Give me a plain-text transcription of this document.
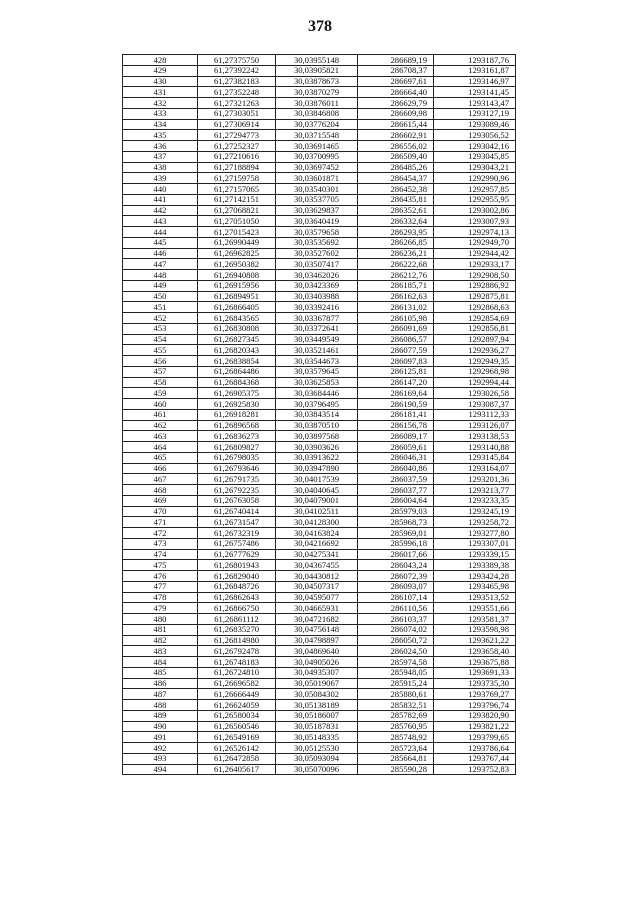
378
428	61,27375750	30,03955148	286689,19	1293187,76
429	61,27392242	30,03905821	286708,37	1293161,87
430	61,27382183	30,03878673	286697,61	1293146,97
431	61,27352248	30,03870279	286664,40	1293141,45
432	61,27321263	30,03876011	286629,79	1293143,47
433	61,27303051	30,03846808	286609,98	1293127,19
434	61,27306914	30,03776204	286615,44	1293089,46
435	61,27294773	30,03715548	286602,91	1293056,52
436	61,27252327	30,03691465	286556,02	1293042,16
437	61,27210616	30,03700995	286509,40	1293045,85
438	61,27188894	30,03697452	286485,26	1293043,21
439	61,27159758	30,03601871	286454,37	1292990,96
440	61,27157065	30,03540301	286452,38	1292957,85
441	61,27142151	30,03537705	286435,81	1292955,95
442	61,27068821	30,03629837	286352,61	1293002,86
443	61,27051050	30,03640419	286332,64	1293007,93
444	61,27015423	30,03579658	286293,95	1292974,13
445	61,26990449	30,03535692	286266,85	1292949,70
446	61,26962825	30,03527602	286236,21	1292944,42
447	61,26950382	30,03507417	286222,68	1292933,17
448	61,26940808	30,03462026	286212,76	1292908,50
449	61,26915956	30,03423369	286185,71	1292886,92
450	61,26894951	30,03403988	286162,63	1292875,81
451	61,26866405	30,03392416	286131,02	1292868,63
452	61,26843565	30,03367877	286105,98	1292854,69
453	61,26830808	30,03372641	286091,69	1292856,81
454	61,26827345	30,03449549	286086,57	1292897,94
455	61,26820343	30,03521461	286077,59	1292936,27
456	61,26838854	30,03544673	286097,83	1292949,35
457	61,26864486	30,03579645	286125,81	1292968,98
458	61,26884368	30,03625853	286147,20	1292994,44
459	61,26905375	30,03684446	286169,64	1293026,58
460	61,26925830	30,03796495	286190,59	1293087,37
461	61,26918281	30,03843514	286181,41	1293112,33
462	61,26896568	30,03870510	286156,78	1293126,07
463	61,26836273	30,03897568	286089,17	1293138,53
464	61,26809827	30,03903626	286059,61	1293140,88
465	61,26798035	30,03913622	286046,31	1293145,84
466	61,26793646	30,03947890	286040,86	1293164,07
467	61,26791735	30,04017539	286037,59	1293201,36
468	61,26792235	30,04040645	286037,77	1293213,77
469	61,26763058	30,04079001	286004,64	1293233,35
470	61,26740414	30,04102511	285979,03	1293245,19
471	61,26731547	30,04128300	285968,73	1293258,72
472	61,26732319	30,04163824	285969,01	1293277,80
473	61,26757486	30,04216692	285996,18	1293307,01
474	61,26777629	30,04275341	286017,66	1293339,15
475	61,26801943	30,04367455	286043,24	1293389,38
476	61,26829040	30,04430812	286072,39	1293424,28
477	61,26848726	30,04507317	286093,07	1293465,98
478	61,26862643	30,04595077	286107,14	1293513,52
479	61,26866750	30,04665931	286110,56	1293551,66
480	61,26861112	30,04721682	286103,37	1293581,37
481	61,26835270	30,04756148	286074,02	1293598,98
482	61,26814980	30,04798897	286050,72	1293621,22
483	61,26792478	30,04869640	286024,50	1293658,40
484	61,26748183	30,04905026	285974,58	1293675,88
485	61,26724810	30,04935307	285948,05	1293691,33
486	61,26696582	30,05019067	285915,24	1293735,30
487	61,26666449	30,05084302	285880,61	1293769,27
488	61,26624059	30,05138189	285832,51	1293796,74
489	61,26580034	30,05186007	285782,69	1293820,90
490	61,26560546	30,05187831	285760,95	1293821,22
491	61,26549169	30,05148335	285748,92	1293799,65
492	61,26526142	30,05125530	285723,64	1293786,64
493	61,26472858	30,05093094	285664,81	1293767,44
494	61,26405617	30,05070096	285590,28	1293752,83
